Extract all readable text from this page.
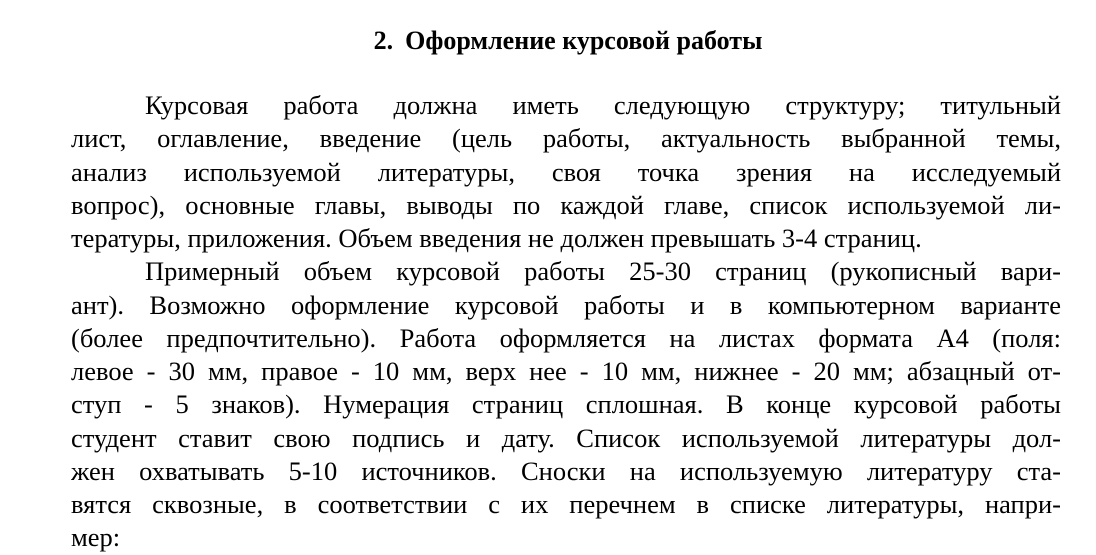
2. Оформление курсовой работы
Курсовая работа должна иметь следующую структуру; титульный
лист, оглавление, введение (цель работы, актуальность выбранной темы,
анализ используемой литературы, своя точка зрения на исследуемый
вопрос), основные главы, выводы по каждой главе, список используемой ли-
тературы, приложения. Объем введения не должен превышать 3-4 страниц.
Примерный объем курсовой работы 25-30 страниц (рукописный вари-
ант). Возможно оформление курсовой работы и в компьютерном варианте
(более предпочтительно). Работа оформляется на листах формата А4 (поля:
левое - 30 мм, правое - 10 мм, верх нее - 10 мм, нижнее - 20 мм; абзацный от-
ступ - 5 знаков). Нумерация страниц сплошная. В конце курсовой работы
студент ставит свою подпись и дату. Список используемой литературы дол-
жен охватывать 5-10 источников. Сноски на используемую литературу ста-
вятся сквозные, в соответствии с их перечнем в списке литературы, напри-
мер:
